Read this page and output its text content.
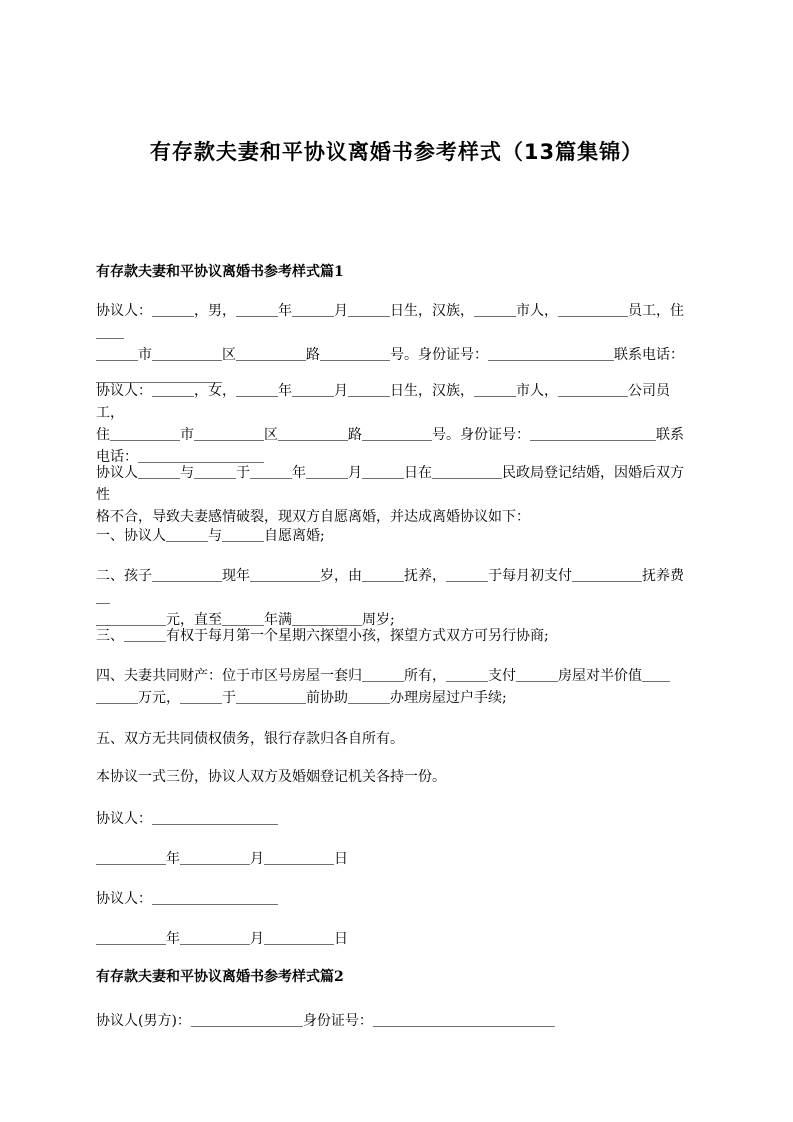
有存款夫妻和平协议离婚书参考样式（13篇集锦）
有存款夫妻和平协议离婚书参考样式篇1
协议人：＿＿＿，男，＿＿＿年＿＿＿月＿＿＿日生，汉族，＿＿＿市人，＿＿＿＿＿员工，住＿＿
＿＿＿市＿＿＿＿＿区＿＿＿＿＿路＿＿＿＿＿号。身份证号：＿＿＿＿＿＿＿＿＿联系电话：
＿＿＿＿＿＿＿＿＿
协议人：＿＿＿，女，＿＿＿年＿＿＿月＿＿＿日生，汉族，＿＿＿市人，＿＿＿＿＿公司员工，
住＿＿＿＿＿市＿＿＿＿＿区＿＿＿＿＿路＿＿＿＿＿号。身份证号：＿＿＿＿＿＿＿＿＿联系
电话：＿＿＿＿＿＿＿＿＿
协议人＿＿＿与＿＿＿于＿＿＿年＿＿＿月＿＿＿日在＿＿＿＿＿民政局登记结婚，因婚后双方性
格不合，导致夫妻感情破裂，现双方自愿离婚，并达成离婚协议如下：
一、协议人＿＿＿与＿＿＿自愿离婚;
二、孩子＿＿＿＿＿现年＿＿＿＿＿岁，由＿＿＿抚养，＿＿＿于每月初支付＿＿＿＿＿抚养费＿
＿＿＿＿＿元，直至＿＿＿年满＿＿＿＿＿周岁;
三、＿＿＿有权于每月第一个星期六探望小孩，探望方式双方可另行协商;
四、夫妻共同财产：位于市区号房屋一套归＿＿＿所有，＿＿＿支付＿＿＿房屋对半价值＿＿
＿＿＿万元，＿＿＿于＿＿＿＿＿前协助＿＿＿办理房屋过户手续;
五、双方无共同债权债务，银行存款归各自所有。
本协议一式三份，协议人双方及婚姻登记机关各持一份。
协议人：＿＿＿＿＿＿＿＿＿
＿＿＿＿＿年＿＿＿＿＿月＿＿＿＿＿日
协议人：＿＿＿＿＿＿＿＿＿
＿＿＿＿＿年＿＿＿＿＿月＿＿＿＿＿日
有存款夫妻和平协议离婚书参考样式篇2
协议人(男方)：＿＿＿＿＿＿＿＿身份证号：＿＿＿＿＿＿＿＿＿＿＿＿＿
